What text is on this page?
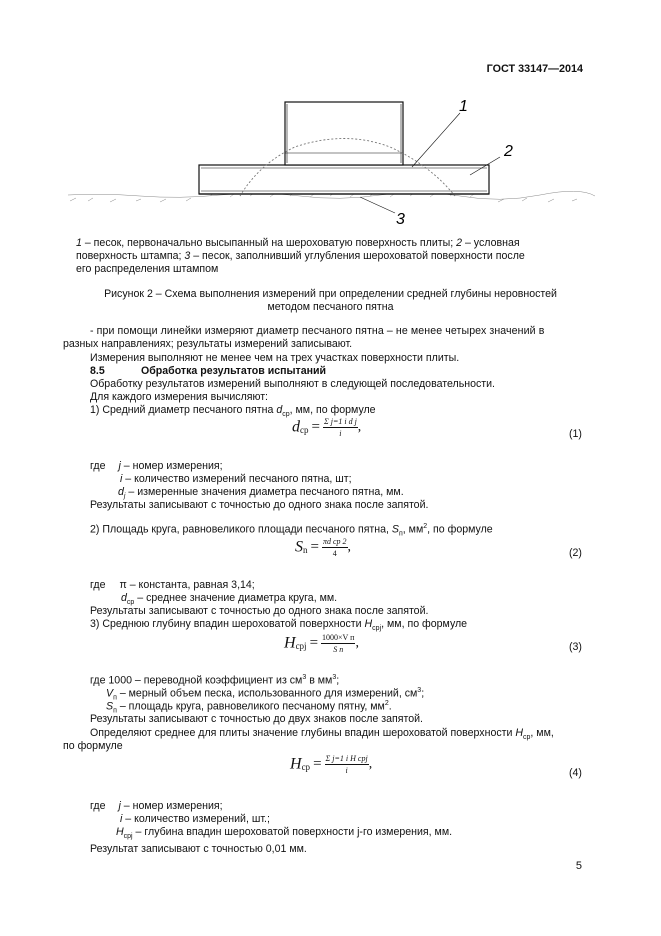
ГОСТ 33147—2014
1
2
3
1 – песок, первоначально высыпанный на шероховатую поверхность плиты; 2 – условная
поверхность штампа; 3 – песок, заполнивший углубления шероховатой поверхности после
его распределения штампом
Рисунок 2 – Схема выполнения измерений при определении средней глубины неровностей
методом песчаного пятна
- при помощи линейки измеряют диаметр песчаного пятна – не менее четырех значений в
разных направлениях; результаты измерений записывают.
Измерения выполняют не менее чем на трех участках поверхности плиты.
8.5	Обработка результатов испытаний
Обработку результатов измерений выполняют в следующей последовательности.
Для каждого измерения вычисляют:
1) Средний диаметр песчаного пятна $d_{ср}$, мм, по формуле
$d_{ср} = \frac{\text{Σ j=1 i d j}}{i}$ ,	(1)
где j – номер измерения;
i – количество измерений песчаного пятна, шт;
$d_j$ – измеренные значения диаметра песчаного пятна, мм.
Результаты записывают с точностью до одного знака после запятой.
2) Площадь круга, равновеликого площади песчаного пятна, $S_п$, $мм^2$, по формуле
$S_n = \frac{\text{πd ср 2}}{4}$ ,	(2)
где π – константа, равная 3,14;
$d_{ср}$ – среднее значение диаметра круга, мм.
Результаты записывают с точностью до одного знака после запятой.
3) Среднюю глубину впадин шероховатой поверхности $H_{срj}$, мм, по формуле
$H_{срj} = \frac{\text{1000×V п}}{\text{S п}}$ ,	(3)
где 1000 – переводной коэффициент из $см^3$ в $мм^3$;
$V_п$ – мерный объем песка, использованного для измерений, $см^3$;
$S_п$ – площадь круга, равновеликого песчаному пятну, $мм^2$.
Результаты записывают с точностью до двух знаков после запятой.
Определяют среднее для плиты значение глубины впадин шероховатой поверхности $H_{ср}$, мм,
по формуле
$H_{ср} = \frac{\text{Σ j=1 i H срj}}{i}$ ,
(4)
где j – номер измерения;
i – количество измерений, шт.;
$H_{срj}$ – глубина впадин шероховатой поверхности j-го измерения, мм.
Результат записывают с точностью 0,01 мм.
5
